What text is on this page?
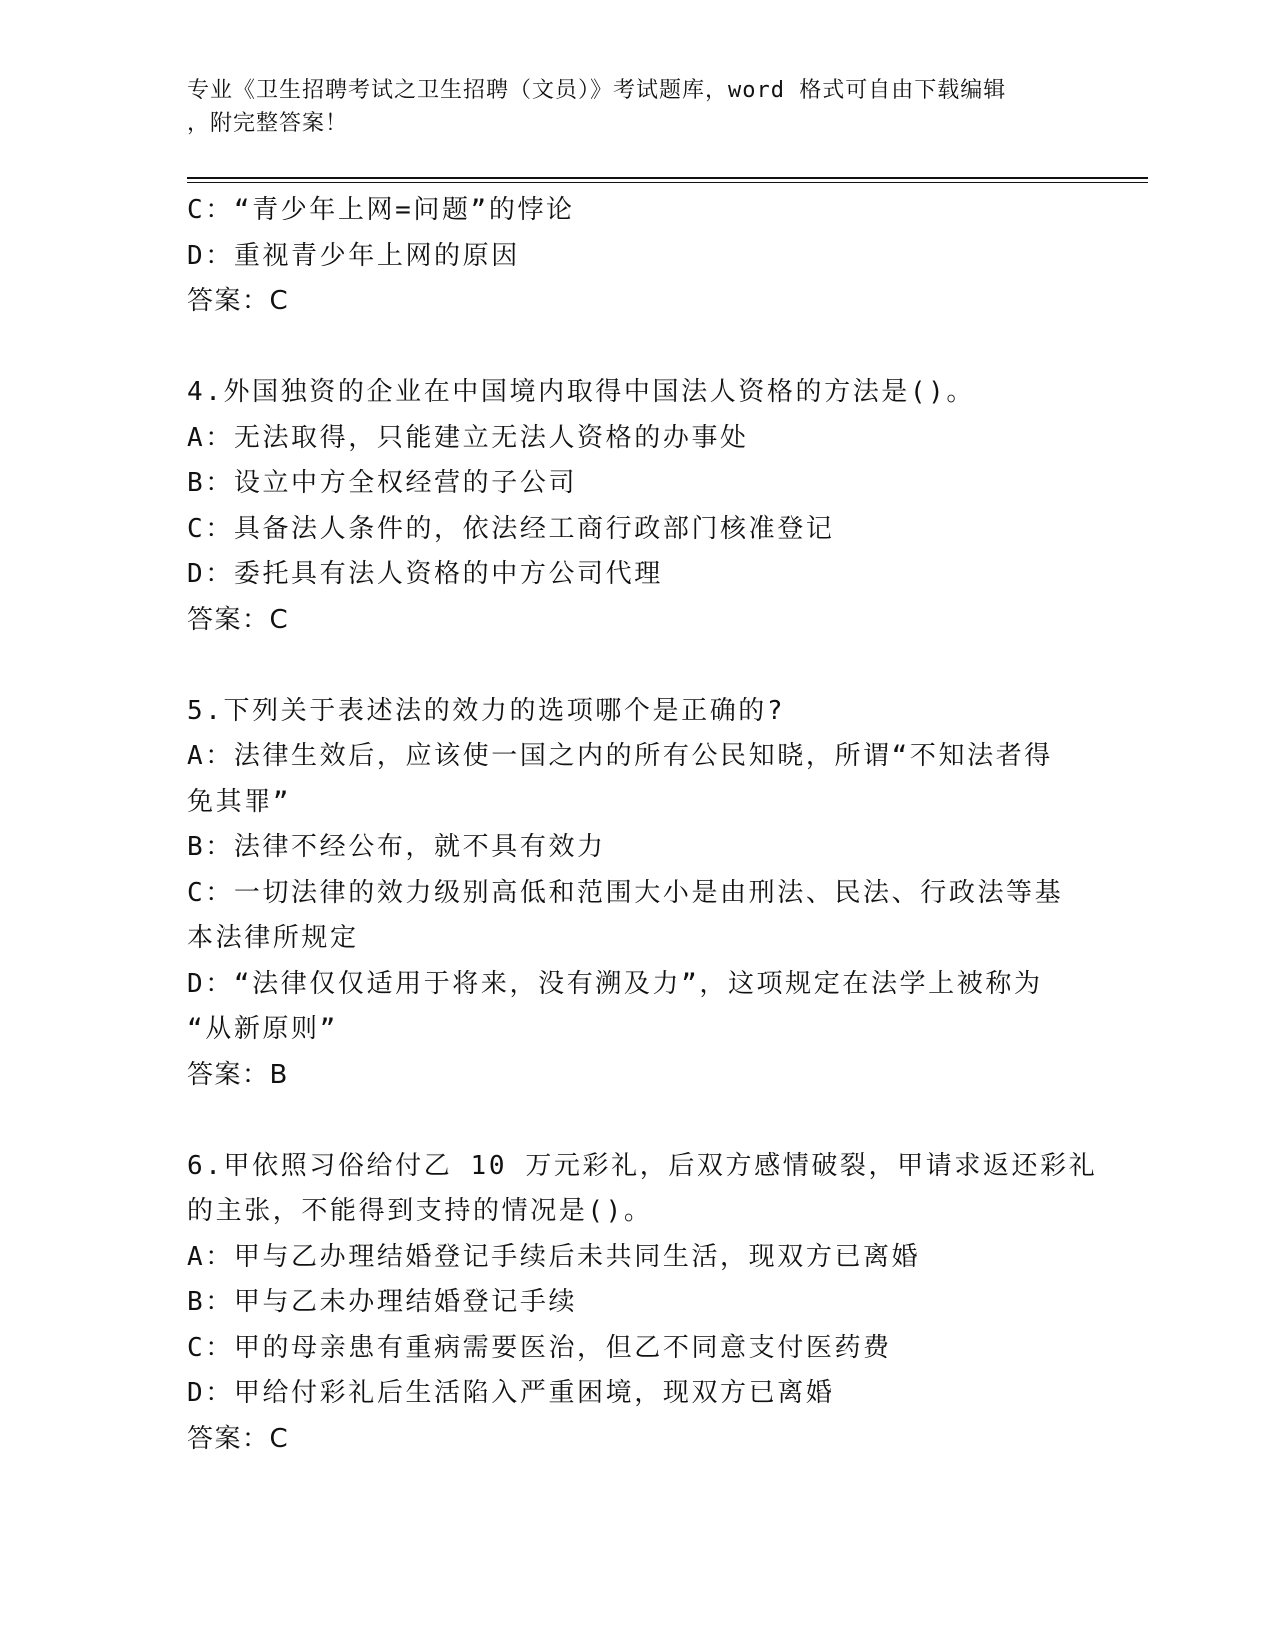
专业《卫生招聘考试之卫生招聘（文员）》考试题库，word 格式可自由下载编辑
，附完整答案！
C：“青少年上网=问题”的悖论
D：重视青少年上网的原因
答案：C
4.外国独资的企业在中国境内取得中国法人资格的方法是()。
A：无法取得，只能建立无法人资格的办事处
B：设立中方全权经营的子公司
C：具备法人条件的，依法经工商行政部门核准登记
D：委托具有法人资格的中方公司代理
答案：C
5.下列关于表述法的效力的选项哪个是正确的?
A：法律生效后，应该使一国之内的所有公民知晓，所谓“不知法者得
免其罪”
B：法律不经公布，就不具有效力
C：一切法律的效力级别高低和范围大小是由刑法、民法、行政法等基
本法律所规定
D：“法律仅仅适用于将来，没有溯及力”，这项规定在法学上被称为
“从新原则”
答案：B
6.甲依照习俗给付乙 10 万元彩礼，后双方感情破裂，甲请求返还彩礼
的主张，不能得到支持的情况是()。
A：甲与乙办理结婚登记手续后未共同生活，现双方已离婚
B：甲与乙未办理结婚登记手续
C：甲的母亲患有重病需要医治，但乙不同意支付医药费
D：甲给付彩礼后生活陷入严重困境，现双方已离婚
答案：C
